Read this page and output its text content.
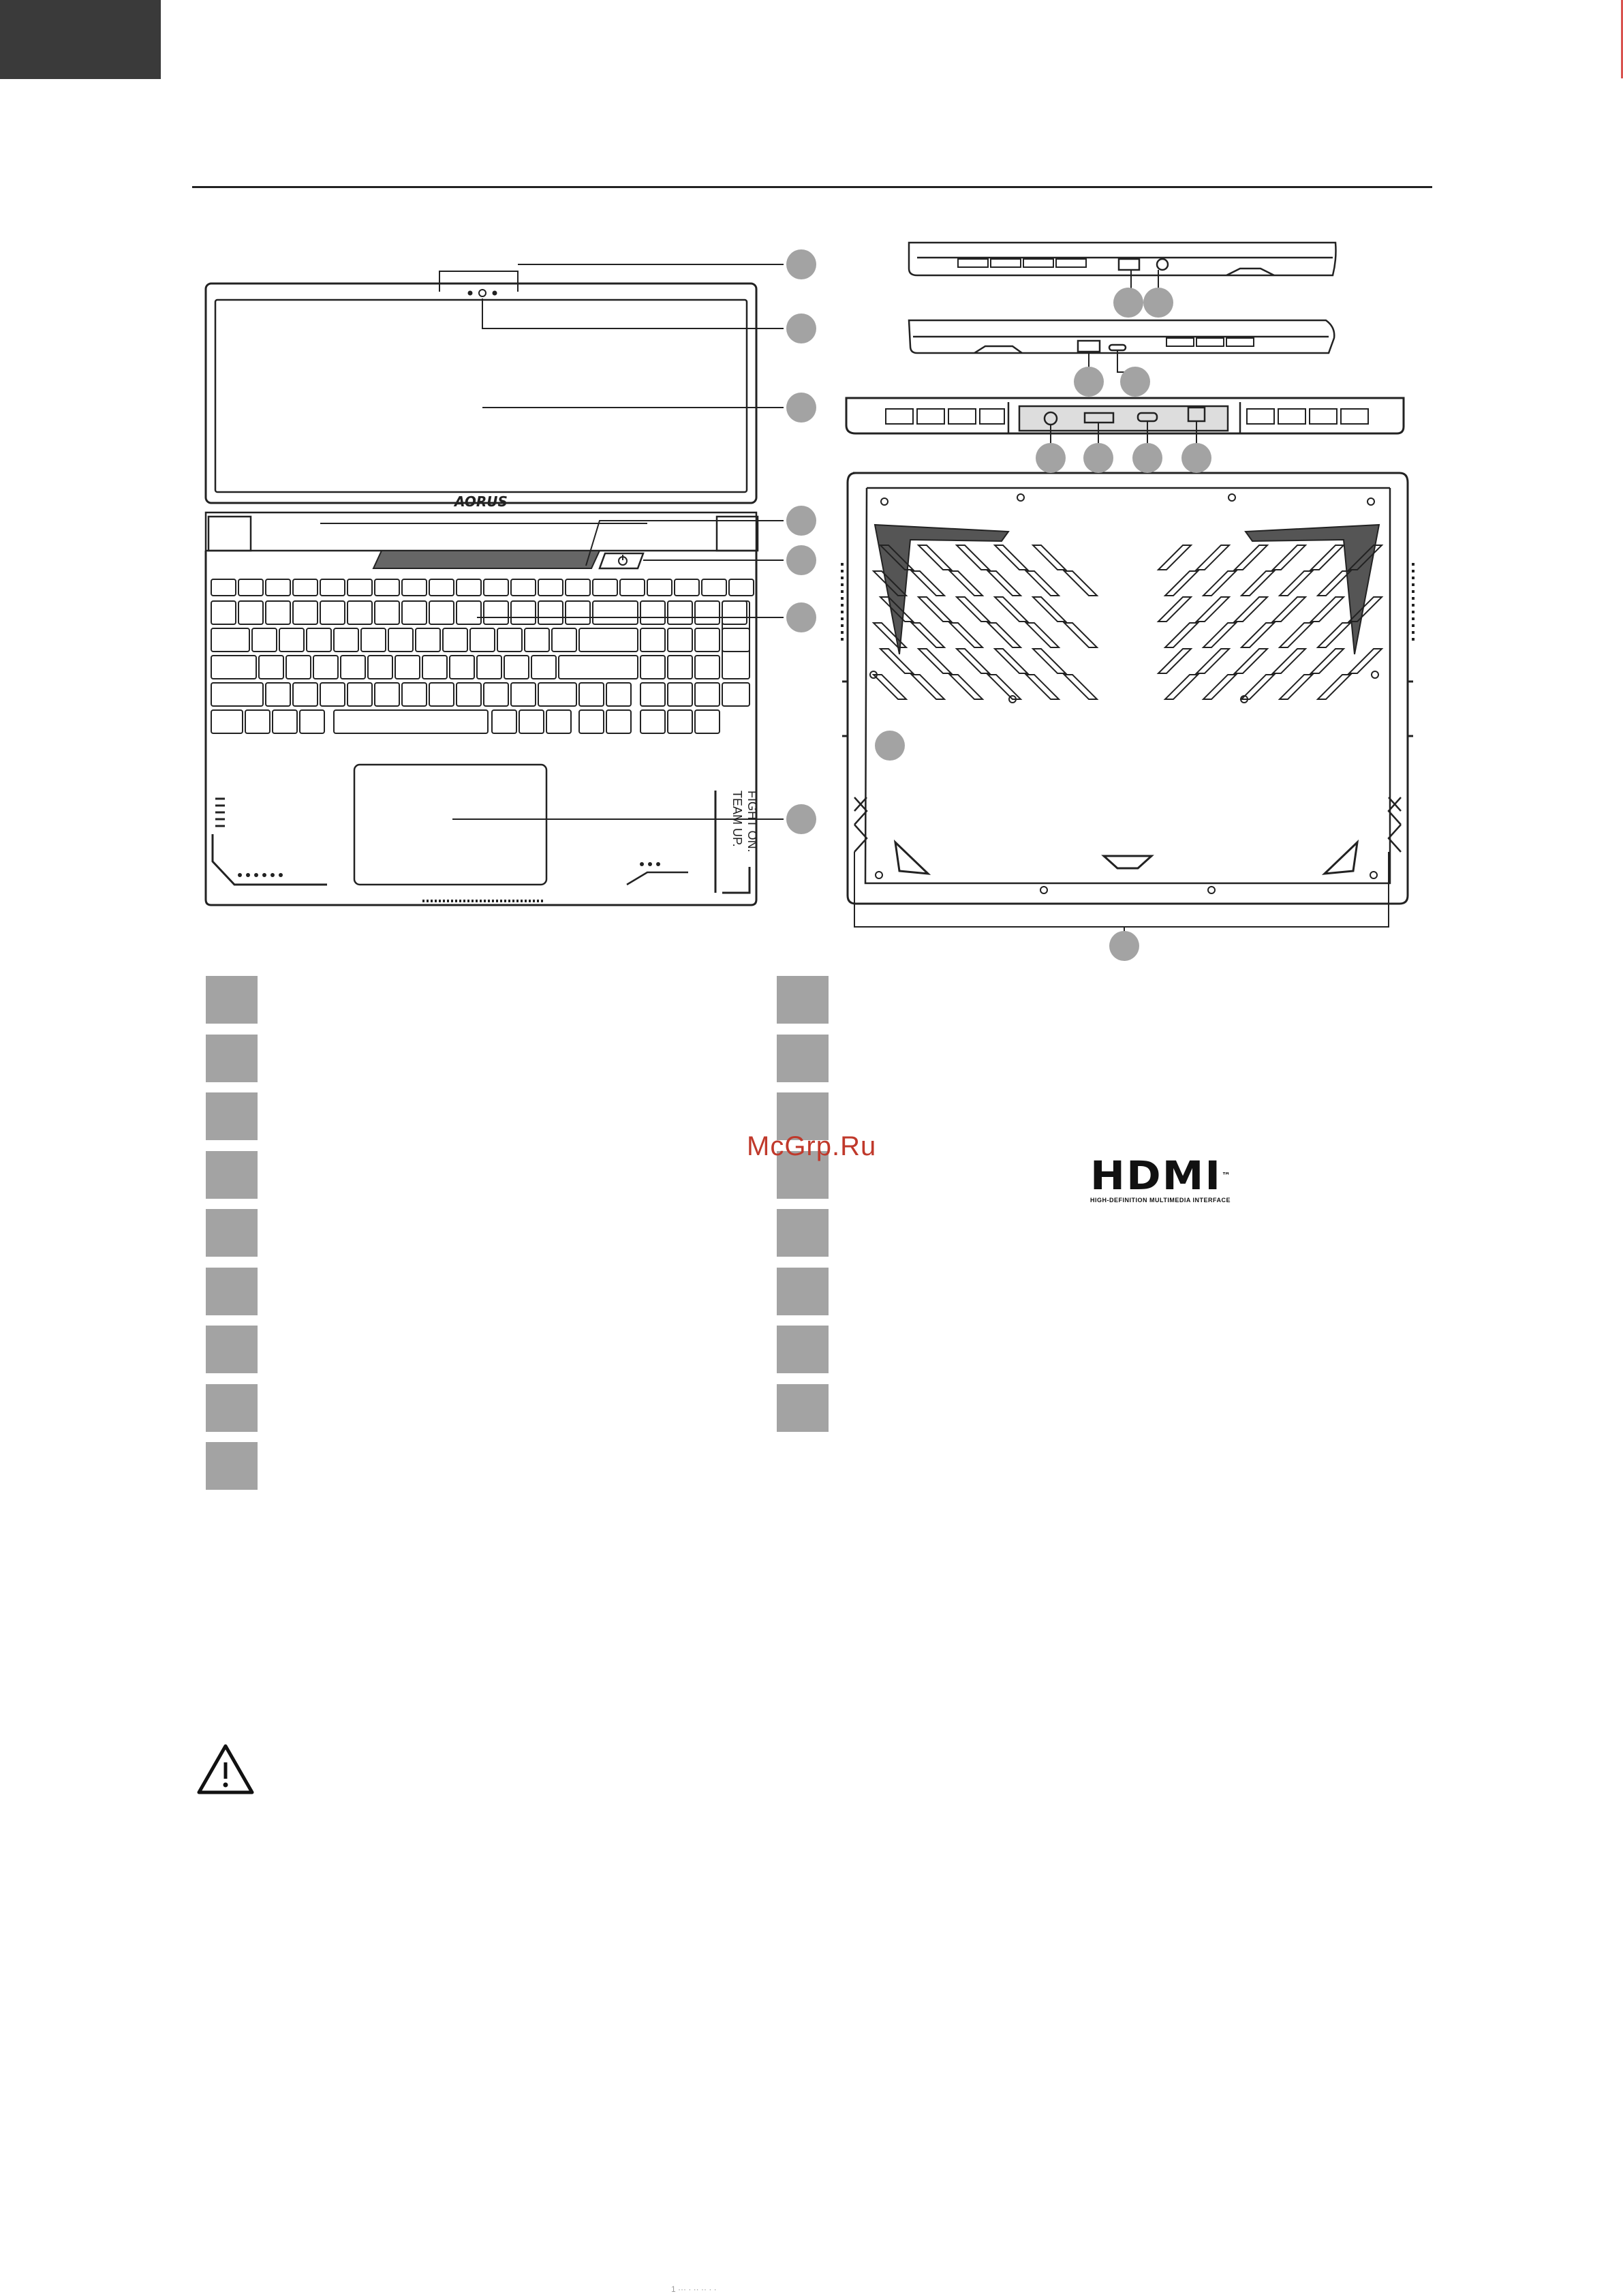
AORUS
TEAM UP. FIGHT ON.
McGrp.Ru
HDMI™
HIGH-DEFINITION MULTIMEDIA INTERFACE
1 ··· · ·· ·· · ·
